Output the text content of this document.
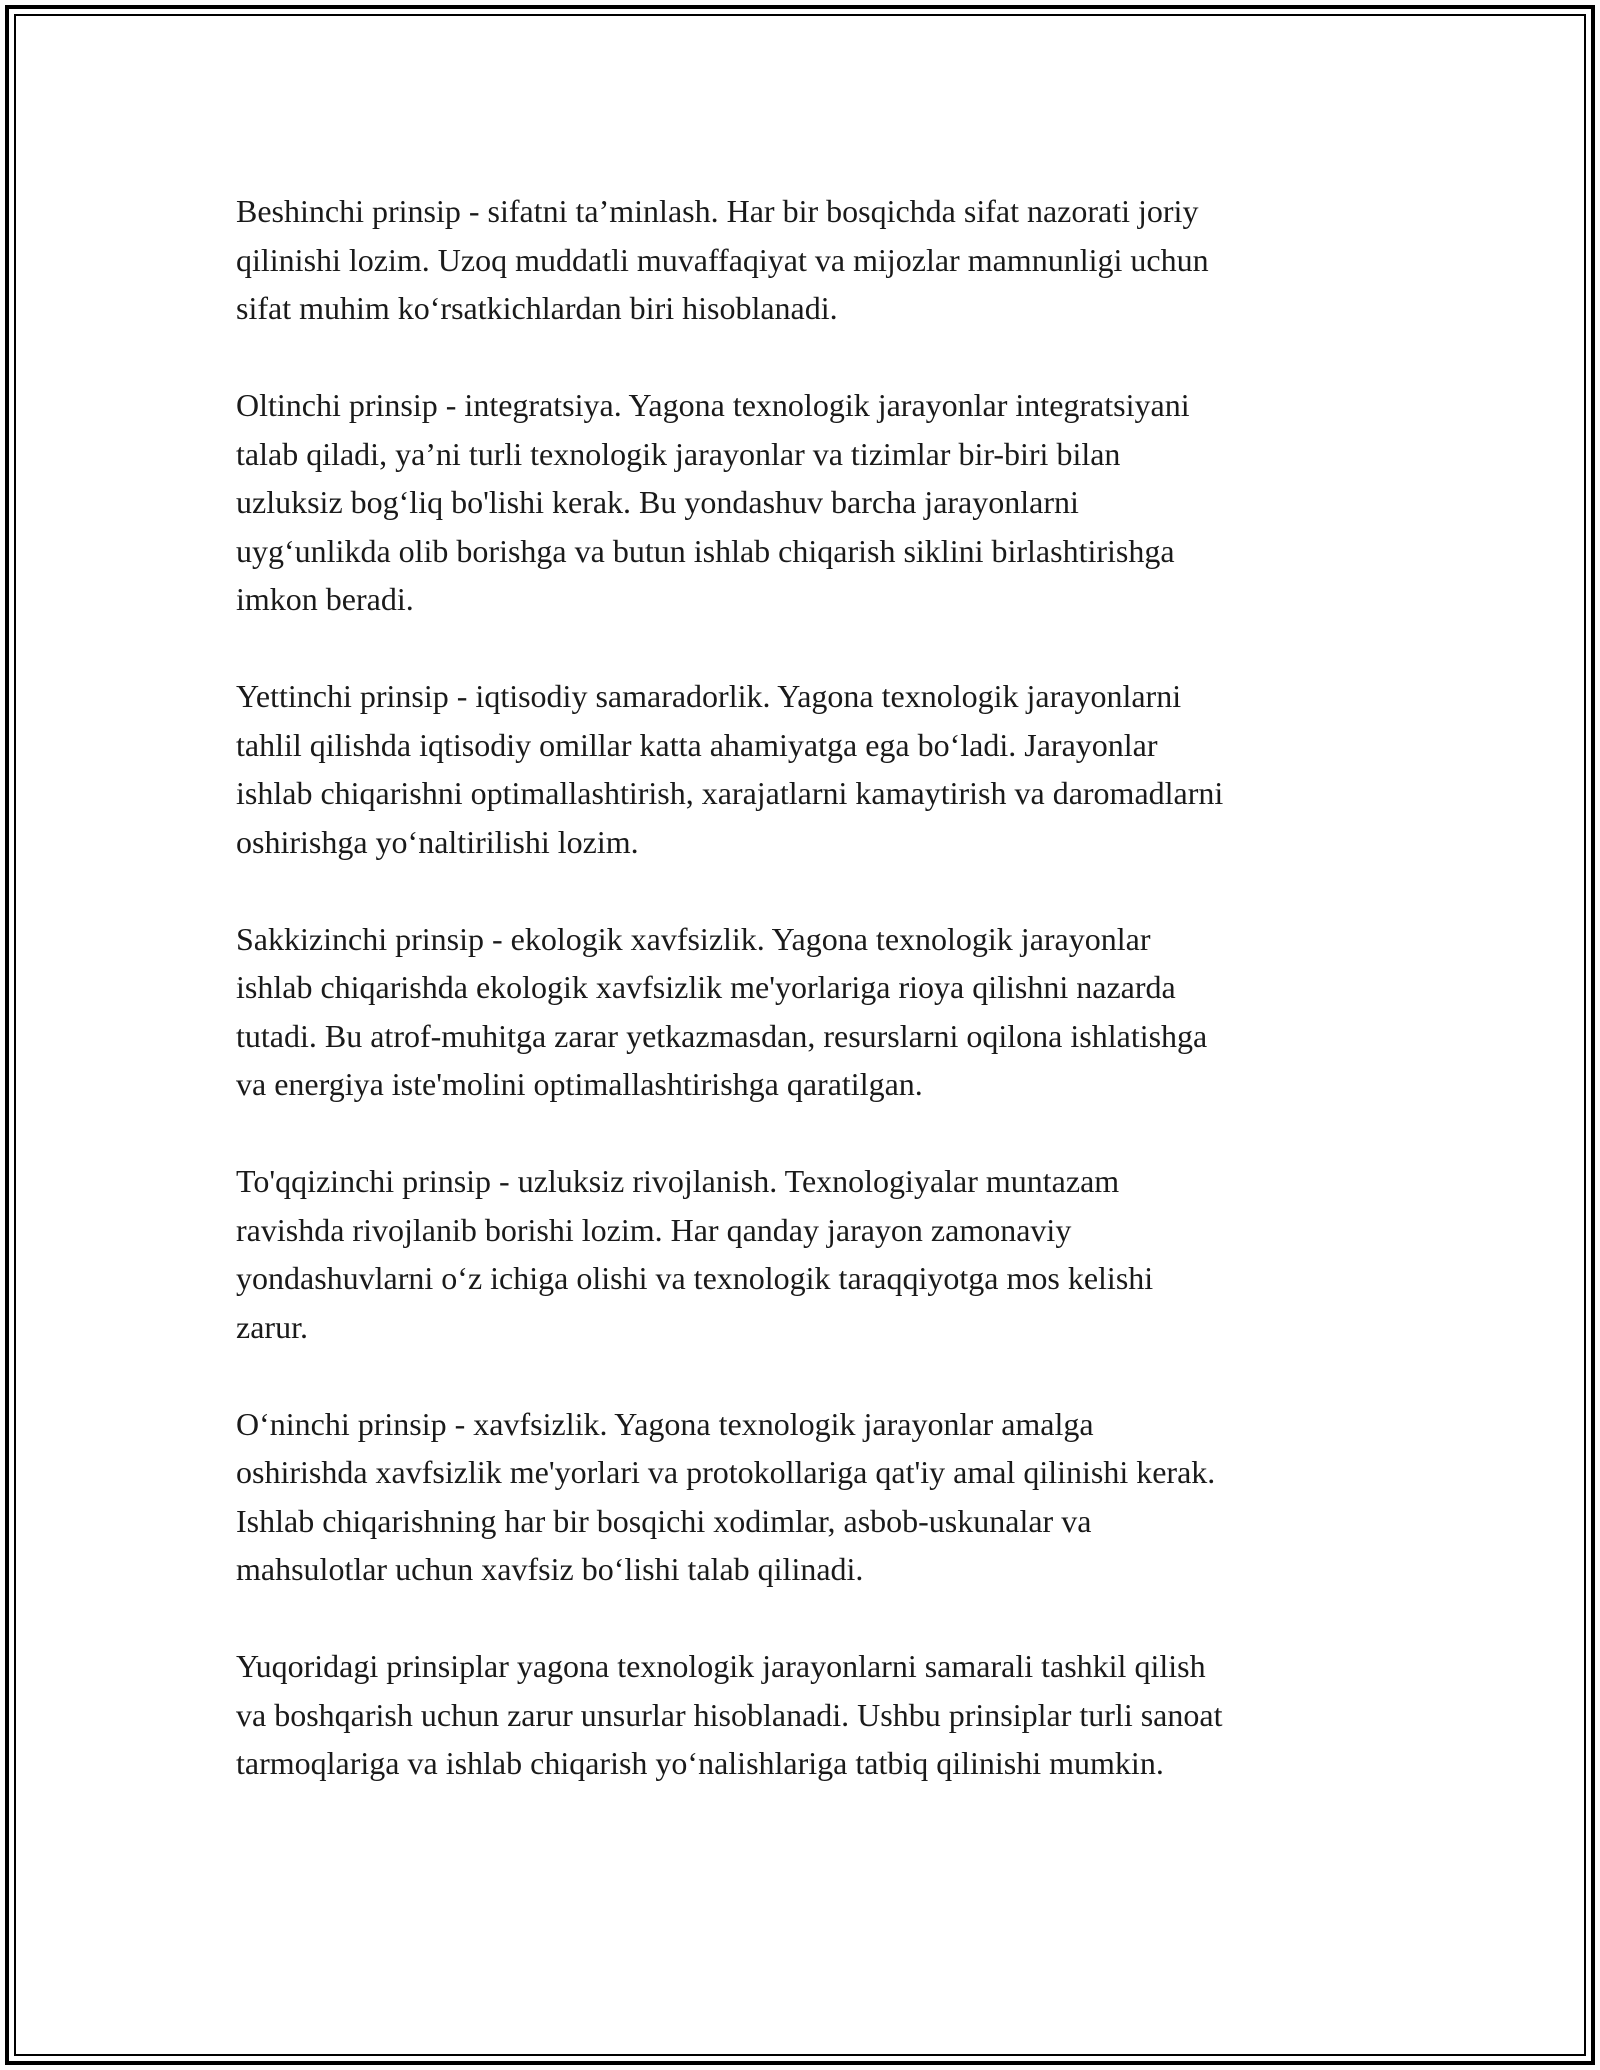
Beshinchi prinsip - sifatni ta’minlash. Har bir bosqichda sifat nazorati joriy
qilinishi lozim. Uzoq muddatli muvaffaqiyat va mijozlar mamnunligi uchun
sifat muhim ko‘rsatkichlardan biri hisoblanadi.

Oltinchi prinsip - integratsiya. Yagona texnologik jarayonlar integratsiyani
talab qiladi, ya’ni turli texnologik jarayonlar va tizimlar bir-biri bilan
uzluksiz bog‘liq bo'lishi kerak. Bu yondashuv barcha jarayonlarni
uyg‘unlikda olib borishga va butun ishlab chiqarish siklini birlashtirishga
imkon beradi.

Yettinchi prinsip - iqtisodiy samaradorlik. Yagona texnologik jarayonlarni
tahlil qilishda iqtisodiy omillar katta ahamiyatga ega bo‘ladi. Jarayonlar
ishlab chiqarishni optimallashtirish, xarajatlarni kamaytirish va daromadlarni
oshirishga yo‘naltirilishi lozim.

Sakkizinchi prinsip - ekologik xavfsizlik. Yagona texnologik jarayonlar
ishlab chiqarishda ekologik xavfsizlik me'yorlariga rioya qilishni nazarda
tutadi. Bu atrof-muhitga zarar yetkazmasdan, resurslarni oqilona ishlatishga
va energiya iste'molini optimallashtirishga qaratilgan.

To'qqizinchi prinsip - uzluksiz rivojlanish. Texnologiyalar muntazam
ravishda rivojlanib borishi lozim. Har qanday jarayon zamonaviy
yondashuvlarni o‘z ichiga olishi va texnologik taraqqiyotga mos kelishi
zarur.

O‘ninchi prinsip - xavfsizlik. Yagona texnologik jarayonlar amalga
oshirishda xavfsizlik me'yorlari va protokollariga qat'iy amal qilinishi kerak.
Ishlab chiqarishning har bir bosqichi xodimlar, asbob-uskunalar va
mahsulotlar uchun xavfsiz bo‘lishi talab qilinadi.

Yuqoridagi prinsiplar yagona texnologik jarayonlarni samarali tashkil qilish
va boshqarish uchun zarur unsurlar hisoblanadi. Ushbu prinsiplar turli sanoat
tarmoqlariga va ishlab chiqarish yo‘nalishlariga tatbiq qilinishi mumkin.
